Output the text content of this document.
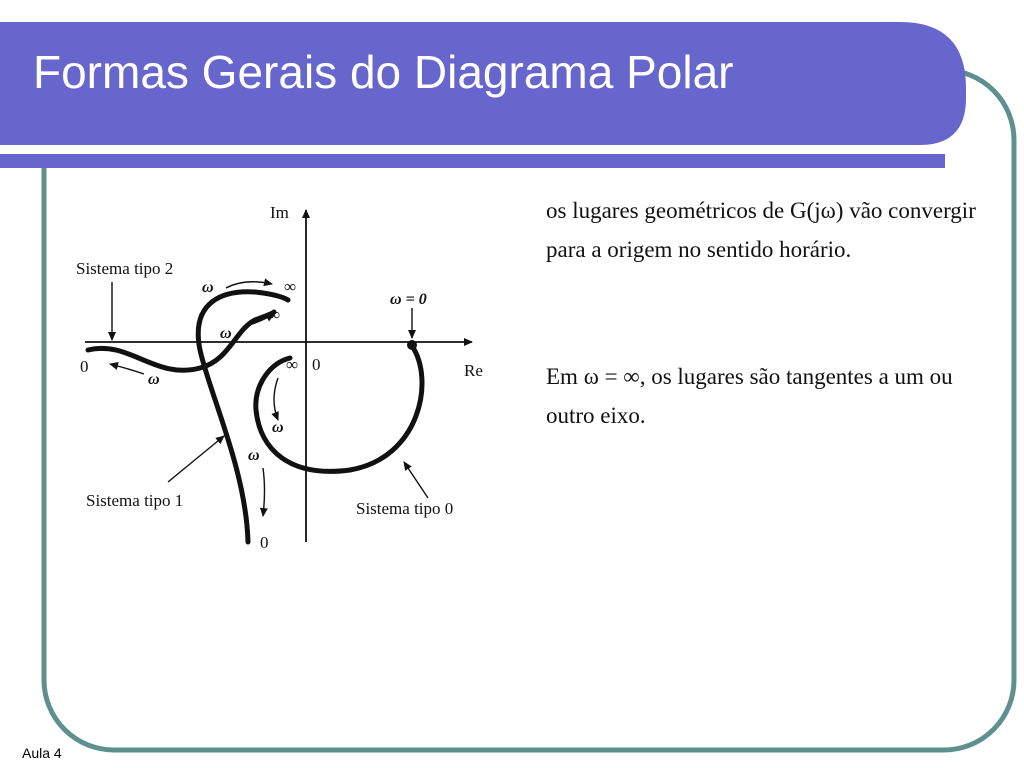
Formas Gerais do Diagrama Polar
Im
Re
0
Sistema tipo 2
Sistema tipo 1	Sistema tipo 0
ω = 0
ω	∞
ω
∞
∞
0
ω
ω
ω
0
os lugares geométricos de G(jω) vão convergir para a origem no sentido horário.
Em ω = ∞, os lugares são tangentes a um ou outro eixo.
Aula 4
